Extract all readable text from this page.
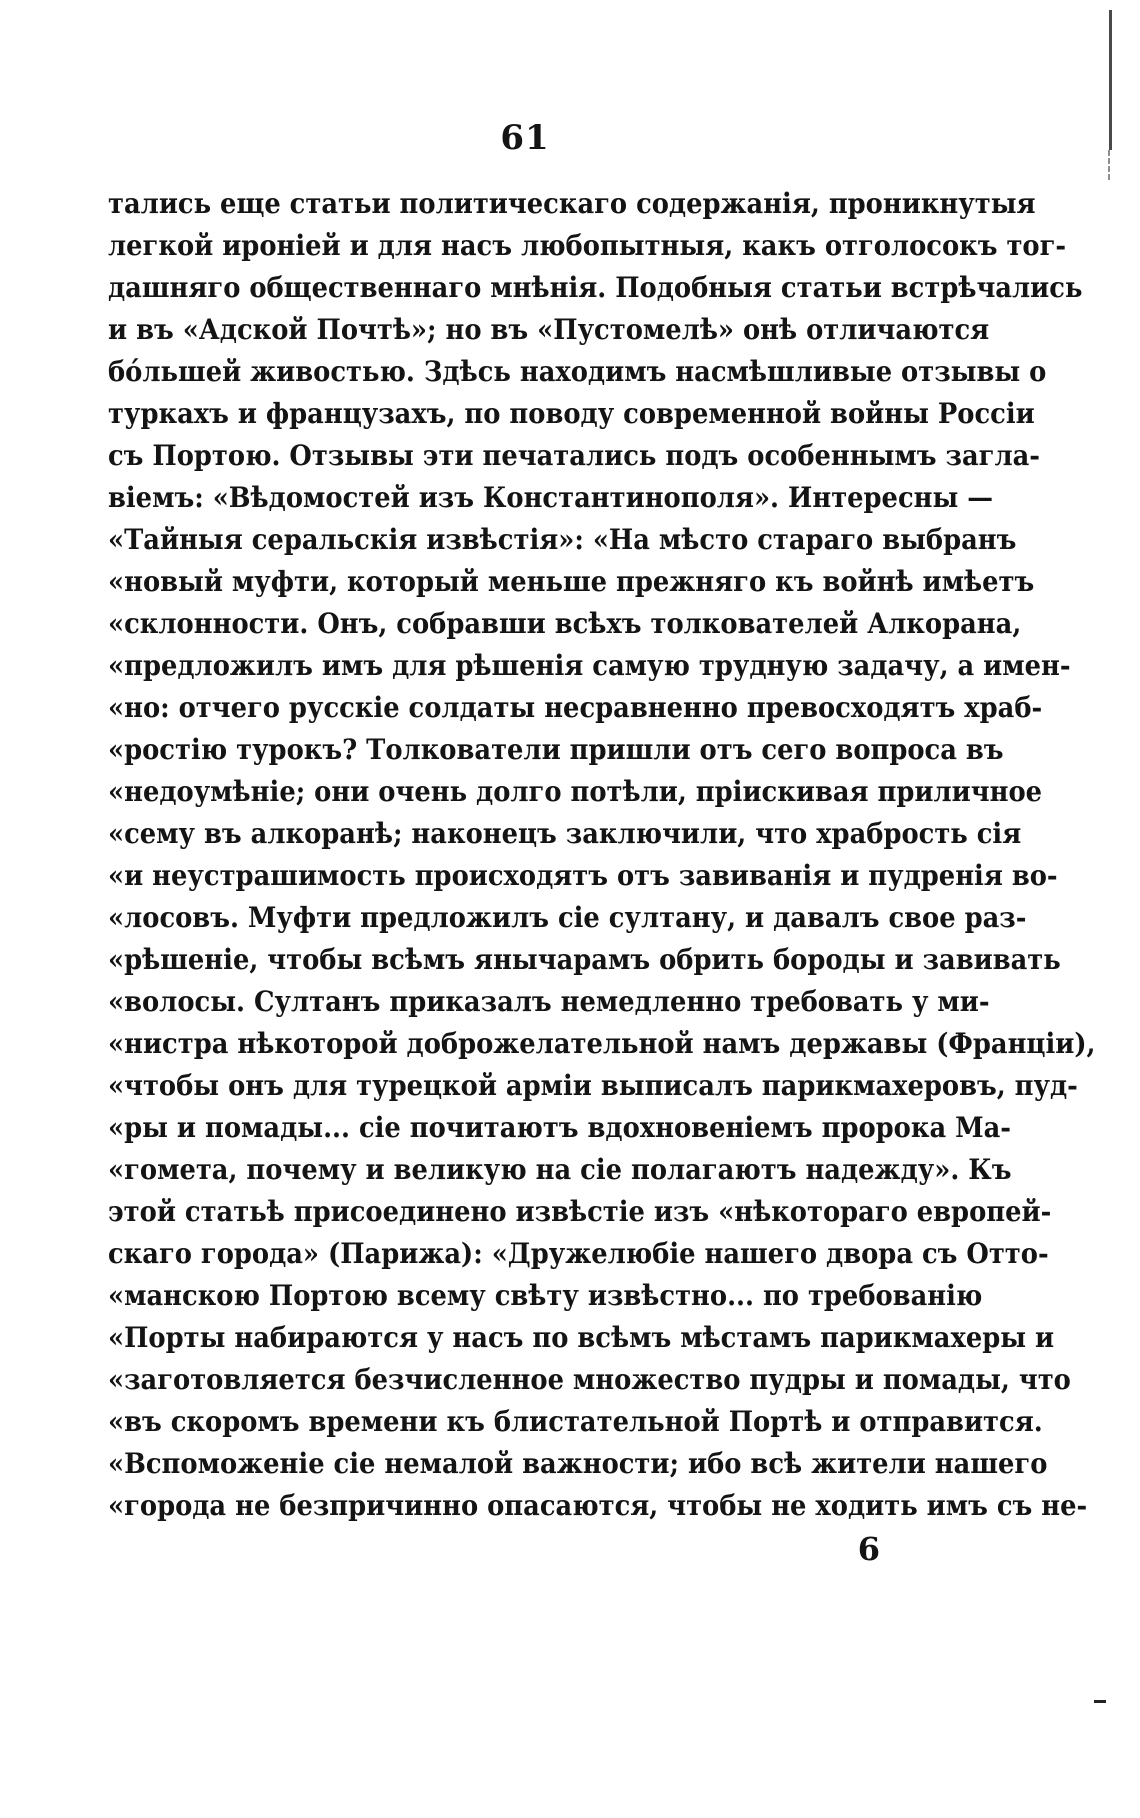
61
тались еще статьи политическаго содержанія, проникнутыя
легкой ироніей и для насъ любопытныя, какъ отголосокъ тог-
дашняго общественнаго мнѣнія. Подобныя статьи встрѣчались
и въ «Адской Почтѣ»; но въ «Пустомелѣ» онѣ отличаются
бо́льшей живостью. Здѣсь находимъ насмѣшливые отзывы о
туркахъ и французахъ, по поводу современной войны Россіи
съ Портою. Отзывы эти печатались подъ особеннымъ загла-
віемъ: «Вѣдомостей изъ Константинополя». Интересны —
«Тайныя серальскія извѣстія»: «На мѣсто стараго выбранъ
«новый муфти, который меньше прежняго къ войнѣ имѣетъ
«склонности. Онъ, собравши всѣхъ толкователей Алкорана,
«предложилъ имъ для рѣшенія самую трудную задачу, а имен-
«но: отчего русскіе солдаты несравненно превосходятъ храб-
«ростію турокъ? Толкователи пришли отъ сего вопроса въ
«недоумѣніе; они очень долго потѣли, пріискивая приличное
«сему въ алкоранѣ; наконецъ заключили, что храбрость сія
«и неустрашимость происходятъ отъ завиванія и пудренія во-
«лосовъ. Муфти предложилъ сіе султану, и давалъ свое раз-
«рѣшеніе, чтобы всѣмъ янычарамъ обрить бороды и завивать
«волосы. Султанъ приказалъ немедленно требовать у ми-
«нистра нѣкоторой доброжелательной намъ державы (Франціи),
«чтобы онъ для турецкой арміи выписалъ парикмахеровъ, пуд-
«ры и помады... сіе почитаютъ вдохновеніемъ пророка Ма-
«гомета, почему и великую на сіе полагаютъ надежду». Къ
этой статьѣ присоединено извѣстіе изъ «нѣкотораго европей-
скаго города» (Парижа): «Дружелюбіе нашего двора съ Отто-
«манскою Портою всему свѣту извѣстно... по требованію
«Порты набираются у насъ по всѣмъ мѣстамъ парикмахеры и
«заготовляется безчисленное множество пудры и помады, что
«въ скоромъ времени къ блистательной Портѣ и отправится.
«Вспоможеніе сіе немалой важности; ибо всѣ жители нашего
«города не безпричинно опасаются, чтобы не ходить имъ съ не-
6
